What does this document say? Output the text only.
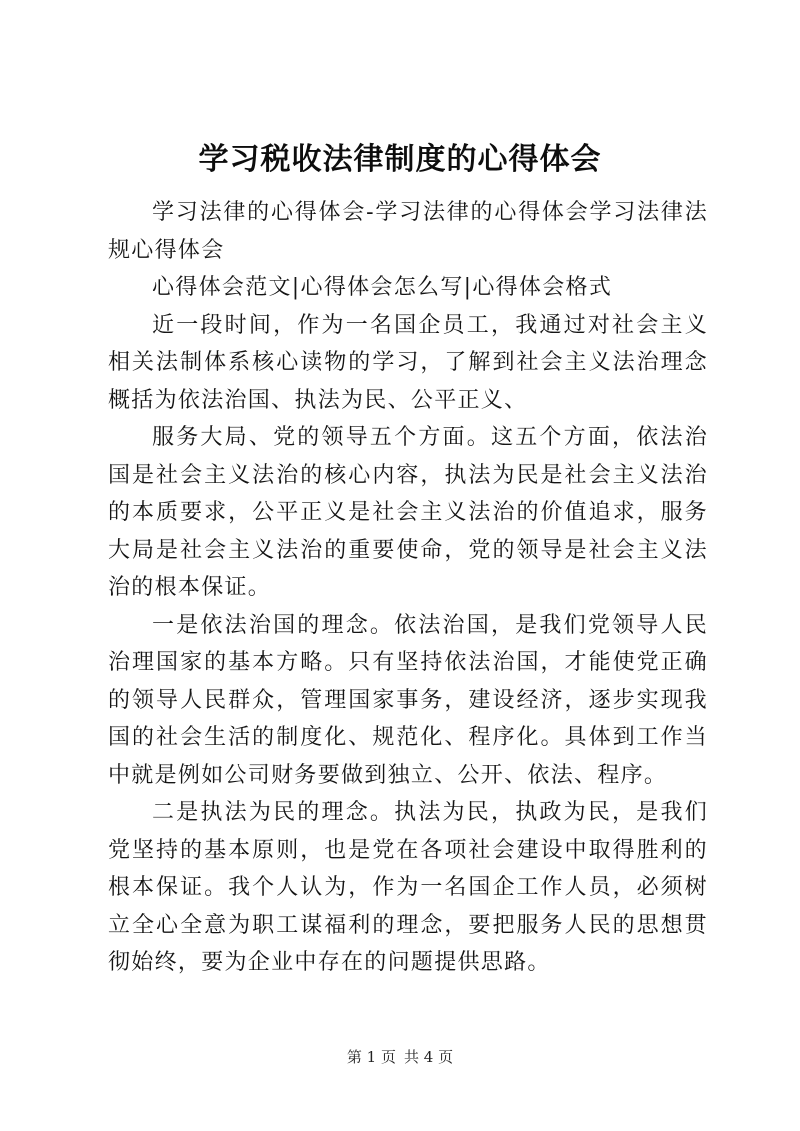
学习税收法律制度的心得体会

学习法律的心得体会-学习法律的心得体会学习法律法规心得体会

心得体会范文|心得体会怎么写|心得体会格式

近一段时间，作为一名国企员工，我通过对社会主义相关法制体系核心读物的学习，了解到社会主义法治理念概括为依法治国、执法为民、公平正义、

服务大局、党的领导五个方面。这五个方面，依法治国是社会主义法治的核心内容，执法为民是社会主义法治的本质要求，公平正义是社会主义法治的价值追求，服务大局是社会主义法治的重要使命，党的领导是社会主义法治的根本保证。

一是依法治国的理念。依法治国，是我们党领导人民治理国家的基本方略。只有坚持依法治国，才能使党正确的领导人民群众，管理国家事务，建设经济，逐步实现我国的社会生活的制度化、规范化、程序化。具体到工作当中就是例如公司财务要做到独立、公开、依法、程序。

二是执法为民的理念。执法为民，执政为民，是我们党坚持的基本原则，也是党在各项社会建设中取得胜利的根本保证。我个人认为，作为一名国企工作人员，必须树立全心全意为职工谋福利的理念，要把服务人民的思想贯彻始终，要为企业中存在的问题提供思路。

第 1 页 共 4 页
